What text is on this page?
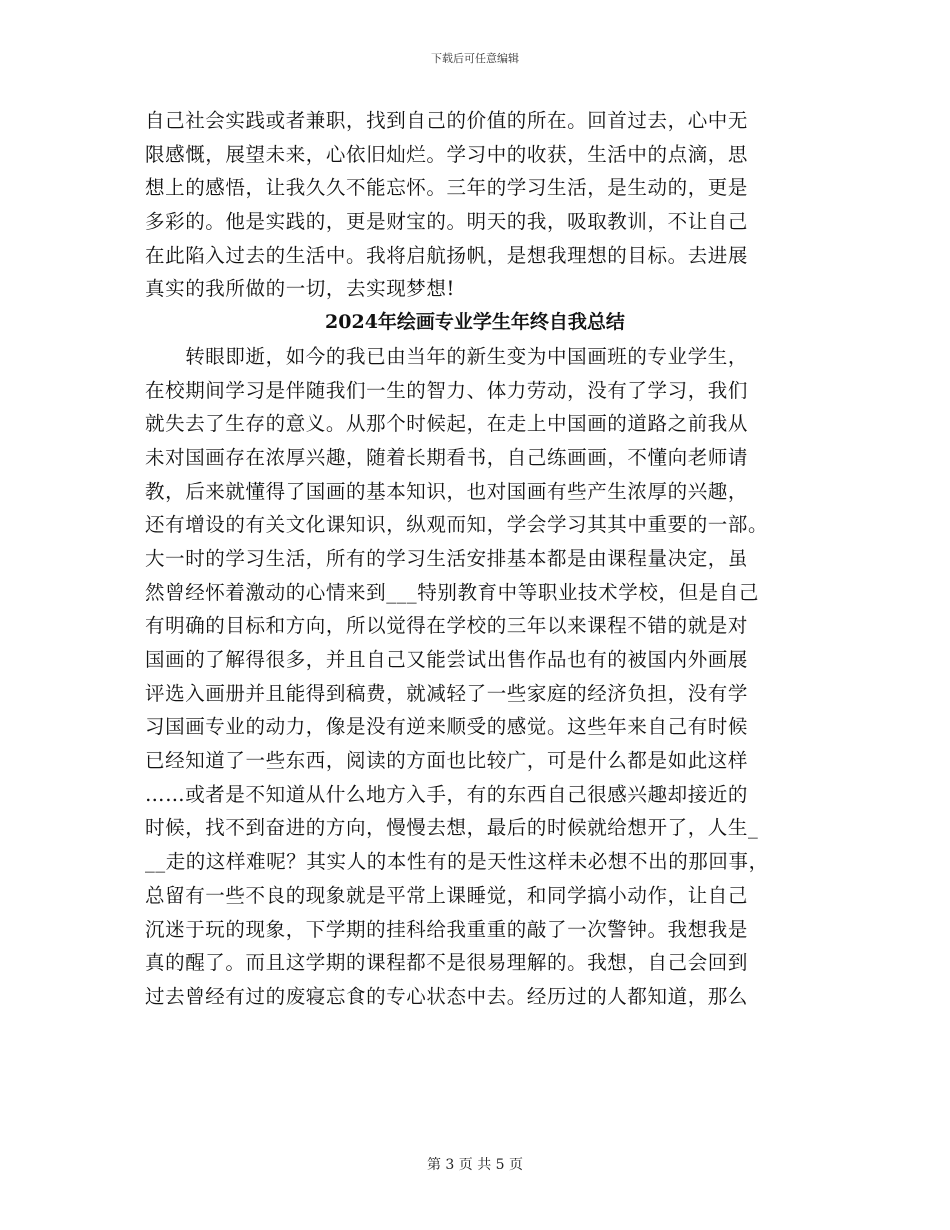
下载后可任意编辑
自己社会实践或者兼职，找到自己的价值的所在。回首过去，心中无
限感慨，展望未来，心依旧灿烂。学习中的收获，生活中的点滴，思
想上的感悟，让我久久不能忘怀。三年的学习生活，是生动的，更是
多彩的。他是实践的，更是财宝的。明天的我，吸取教训，不让自己
在此陷入过去的生活中。我将启航扬帆，是想我理想的目标。去进展
真实的我所做的一切，去实现梦想!
2024年绘画专业学生年终自我总结
　　转眼即逝，如今的我已由当年的新生变为中国画班的专业学生，
在校期间学习是伴随我们一生的智力、体力劳动，没有了学习，我们
就失去了生存的意义。从那个时候起，在走上中国画的道路之前我从
未对国画存在浓厚兴趣，随着长期看书，自己练画画，不懂向老师请
教，后来就懂得了国画的基本知识，也对国画有些产生浓厚的兴趣，
还有增设的有关文化课知识，纵观而知，学会学习其其中重要的一部。
大一时的学习生活，所有的学习生活安排基本都是由课程量决定，虽
然曾经怀着激动的心情来到___特别教育中等职业技术学校，但是自己
有明确的目标和方向，所以觉得在学校的三年以来课程不错的就是对
国画的了解得很多，并且自己又能尝试出售作品也有的被国内外画展
评选入画册并且能得到稿费，就减轻了一些家庭的经济负担，没有学
习国画专业的动力，像是没有逆来顺受的感觉。这些年来自己有时候
已经知道了一些东西，阅读的方面也比较广，可是什么都是如此这样
……或者是不知道从什么地方入手，有的东西自己很感兴趣却接近的
时候，找不到奋进的方向，慢慢去想，最后的时候就给想开了，人生_
__走的这样难呢？其实人的本性有的是天性这样未必想不出的那回事，
总留有一些不良的现象就是平常上课睡觉，和同学搞小动作，让自己
沉迷于玩的现象，下学期的挂科给我重重的敲了一次警钟。我想我是
真的醒了。而且这学期的课程都不是很易理解的。我想，自己会回到
过去曾经有过的废寝忘食的专心状态中去。经历过的人都知道，那么
第 3 页 共 5 页
